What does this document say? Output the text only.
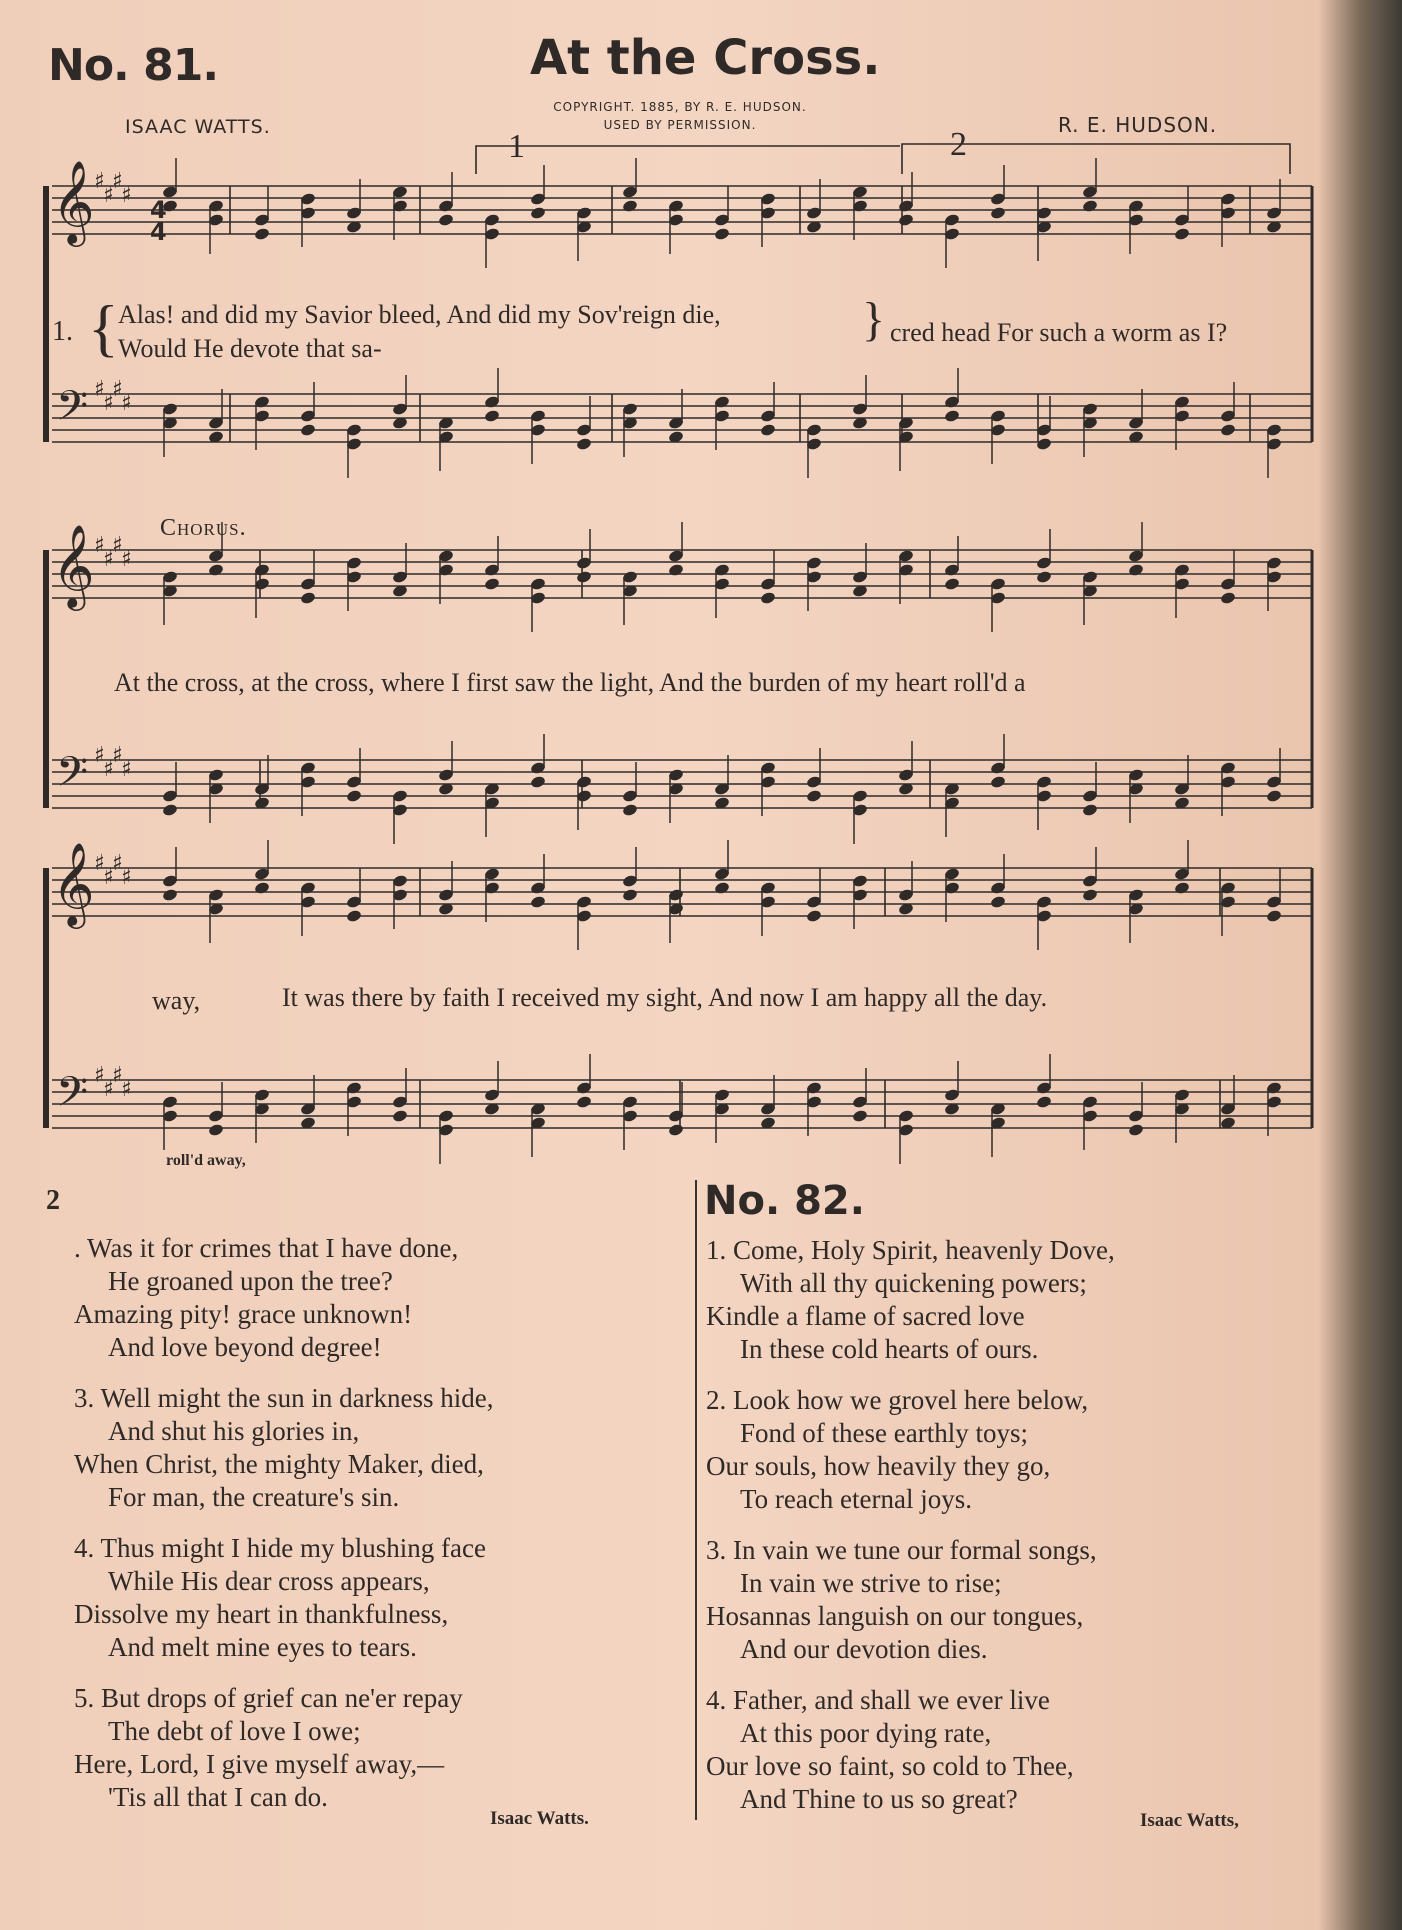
No. 81.	At the Cross.
COPYRIGHT. 1885, BY R. E. HUDSON.
USED BY PERMISSION.
ISAAC WATTS.	R. E. HUDSON.
𝄞
𝄢
♯
♯
♯
♯
♯
♯
♯
♯
𝄞
𝄢
♯
♯
♯
♯
♯
♯
♯
♯
𝄞
𝄢
♯
♯
♯
♯
♯
♯
♯
♯
4
4
1	2
1. { Alas! and did my Savior bleed, And did my Sov'reign die,
Would He devote that sa-
} cred head For such a worm as I?
Chorus.
At the cross, at the cross, where I first saw the light, And the burden of my heart roll'd a
way,	It was there by faith I received my sight, And now I am happy all the day.
roll'd away,
2
. Was it for crimes that I have done,
He groaned upon the tree?
Amazing pity! grace unknown!
And love beyond degree!
3. Well might the sun in darkness hide,
And shut his glories in,
When Christ, the mighty Maker, died,
For man, the creature's sin.
4. Thus might I hide my blushing face
While His dear cross appears,
Dissolve my heart in thankfulness,
And melt mine eyes to tears.
5. But drops of grief can ne'er repay
The debt of love I owe;
Here, Lord, I give myself away,—
'Tis all that I can do.
Isaac Watts.
No. 82.
1. Come, Holy Spirit, heavenly Dove,
With all thy quickening powers;
Kindle a flame of sacred love
In these cold hearts of ours.
2. Look how we grovel here below,
Fond of these earthly toys;
Our souls, how heavily they go,
To reach eternal joys.
3. In vain we tune our formal songs,
In vain we strive to rise;
Hosannas languish on our tongues,
And our devotion dies.
4. Father, and shall we ever live
At this poor dying rate,
Our love so faint, so cold to Thee,
And Thine to us so great?
Isaac Watts,
